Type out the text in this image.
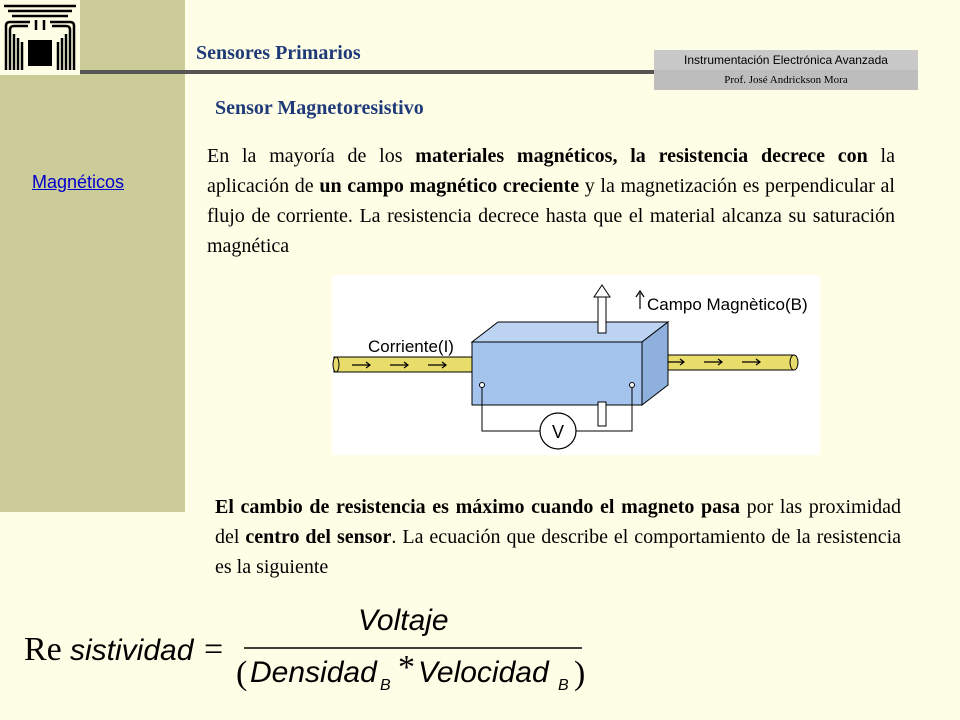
Sensores Primarios	Instrumentación Electrónica Avanzada
Prof. José Andrickson Mora
Sensor Magnetoresistivo
Magnéticos
En la mayoría de los materiales magnéticos, la resistencia decrece con la aplicación de un campo magnético creciente y la magnetización es perpendicular al flujo de corriente. La resistencia decrece hasta que el material alcanza su saturación magnética
V
Corriente(I)
Campo Magnètico(B)
El cambio de resistencia es máximo cuando el magneto pasa por las proximidad del centro del sensor. La ecuación que describe el comportamiento de la resistencia es la siguiente
Re sistividad =
Voltaje
( Densidad B * Velocidad B )
